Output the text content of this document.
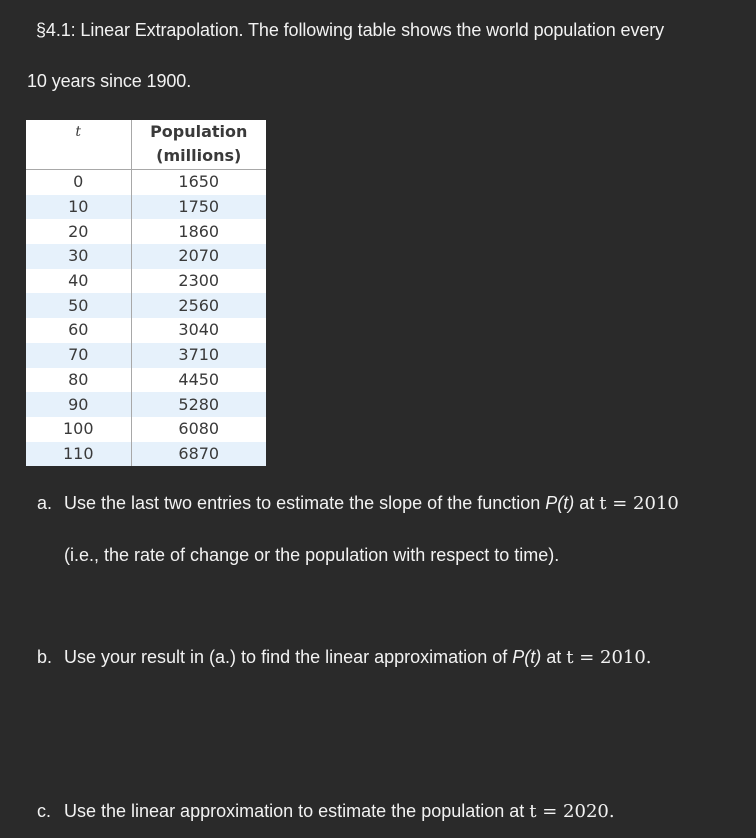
§4.1: Linear Extrapolation. The following table shows the world population every
10 years since 1900.
t	Population
(millions)

0	1650
10	1750
20	1860
30	2070
40	2300
50	2560
60	3040
70	3710
80	4450
90	5280
100	6080
110	6870
a. Use the last two entries to estimate the slope of the function P(t) at t = 2010
(i.e., the rate of change or the population with respect to time).
b. Use your result in (a.) to find the linear approximation of P(t) at t = 2010.
c. Use the linear approximation to estimate the population at t = 2020.
